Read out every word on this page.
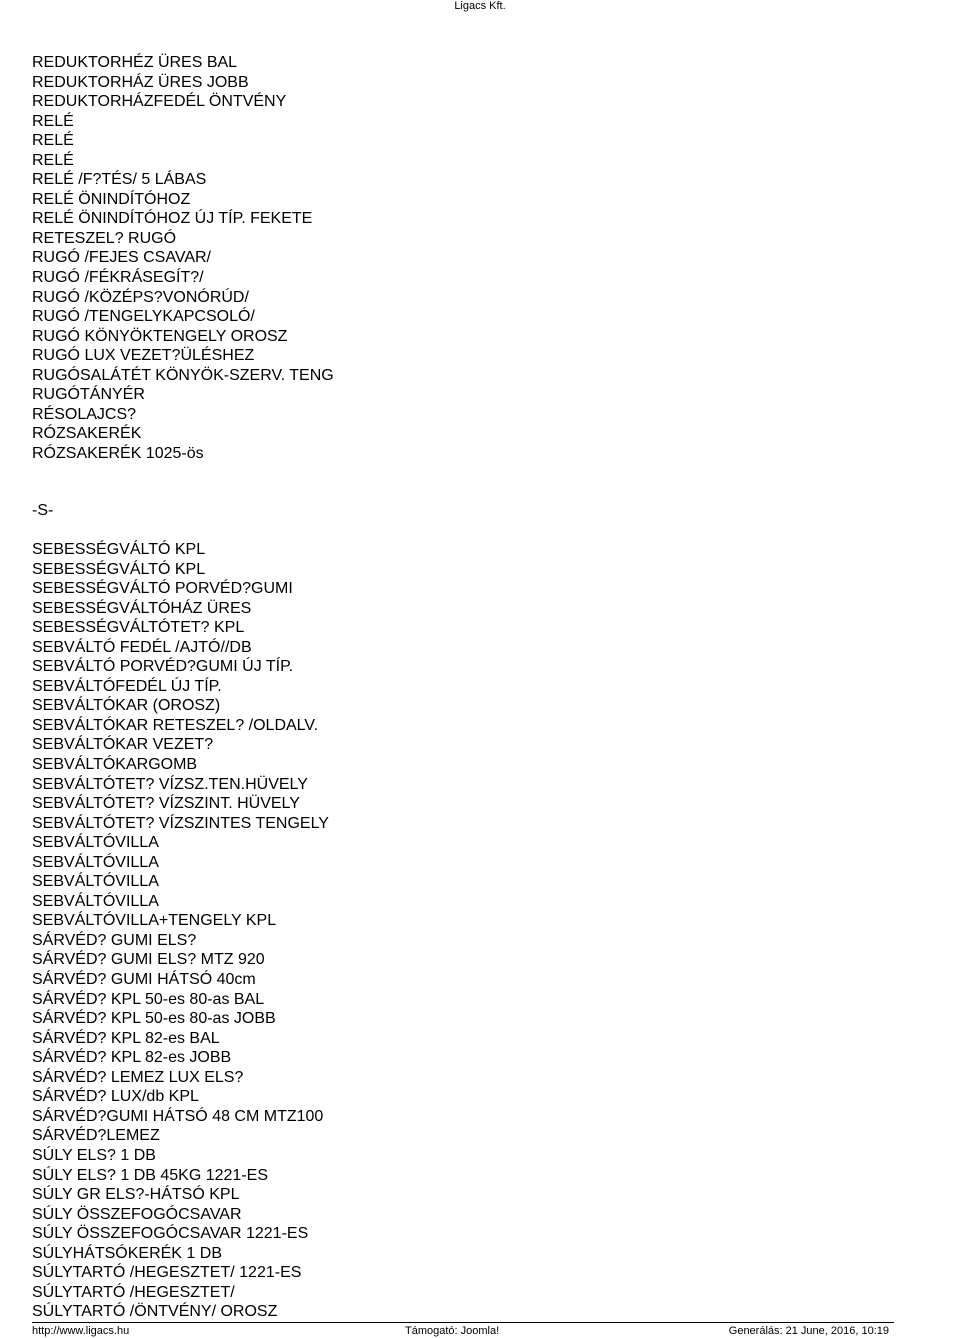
Ligacs Kft.
REDUKTORHÉZ ÜRES BAL
REDUKTORHÁZ ÜRES JOBB
REDUKTORHÁZFEDÉL ÖNTVÉNY
RELÉ
RELÉ
RELÉ
RELÉ /F?TÉS/ 5 LÁBAS
RELÉ ÖNINDÍTÓHOZ
RELÉ ÖNINDÍTÓHOZ ÚJ TÍP. FEKETE
RETESZEL? RUGÓ
RUGÓ /FEJES CSAVAR/
RUGÓ /FÉKRÁSEGÍT?/
RUGÓ /KÖZÉPS?VONÓRÚD/
RUGÓ /TENGELYKAPCSOLÓ/
RUGÓ KÖNYÖKTENGELY OROSZ
RUGÓ LUX VEZET?ÜLÉSHEZ
RUGÓSALÁTÉT KÖNYÖK-SZERV. TENG
RUGÓTÁNYÉR
RÉSOLAJCS?
RÓZSAKERÉK
RÓZSAKERÉK 1025-ös
-S-
SEBESSÉGVÁLTÓ KPL
SEBESSÉGVÁLTÓ KPL
SEBESSÉGVÁLTÓ PORVÉD?GUMI
SEBESSÉGVÁLTÓHÁZ ÜRES
SEBESSÉGVÁLTÓTET? KPL
SEBVÁLTÓ FEDÉL /AJTÓ//DB
SEBVÁLTÓ PORVÉD?GUMI ÚJ TÍP.
SEBVÁLTÓFEDÉL ÚJ TÍP.
SEBVÁLTÓKAR (OROSZ)
SEBVÁLTÓKAR RETESZEL? /OLDALV.
SEBVÁLTÓKAR VEZET?
SEBVÁLTÓKARGOMB
SEBVÁLTÓTET? VÍZSZ.TEN.HÜVELY
SEBVÁLTÓTET? VÍZSZINT. HÜVELY
SEBVÁLTÓTET? VÍZSZINTES TENGELY
SEBVÁLTÓVILLA
SEBVÁLTÓVILLA
SEBVÁLTÓVILLA
SEBVÁLTÓVILLA
SEBVÁLTÓVILLA+TENGELY KPL
SÁRVÉD? GUMI ELS?
SÁRVÉD? GUMI ELS? MTZ 920
SÁRVÉD? GUMI HÁTSÓ 40cm
SÁRVÉD? KPL 50-es 80-as BAL
SÁRVÉD? KPL 50-es 80-as JOBB
SÁRVÉD? KPL 82-es BAL
SÁRVÉD? KPL 82-es JOBB
SÁRVÉD? LEMEZ LUX ELS?
SÁRVÉD? LUX/db KPL
SÁRVÉD?GUMI HÁTSÓ 48 CM MTZ100
SÁRVÉD?LEMEZ
SÚLY ELS? 1 DB
SÚLY ELS? 1 DB 45KG 1221-ES
SÚLY GR ELS?-HÁTSÓ KPL
SÚLY ÖSSZEFOGÓCSAVAR
SÚLY ÖSSZEFOGÓCSAVAR 1221-ES
SÚLYHÁTSÓKERÉK 1 DB
SÚLYTARTÓ /HEGESZTET/ 1221-ES
SÚLYTARTÓ /HEGESZTET/
SÚLYTARTÓ /ÖNTVÉNY/ OROSZ
http://www.ligacs.hu	Támogató: Joomla!	Generálás: 21 June, 2016, 10:19
